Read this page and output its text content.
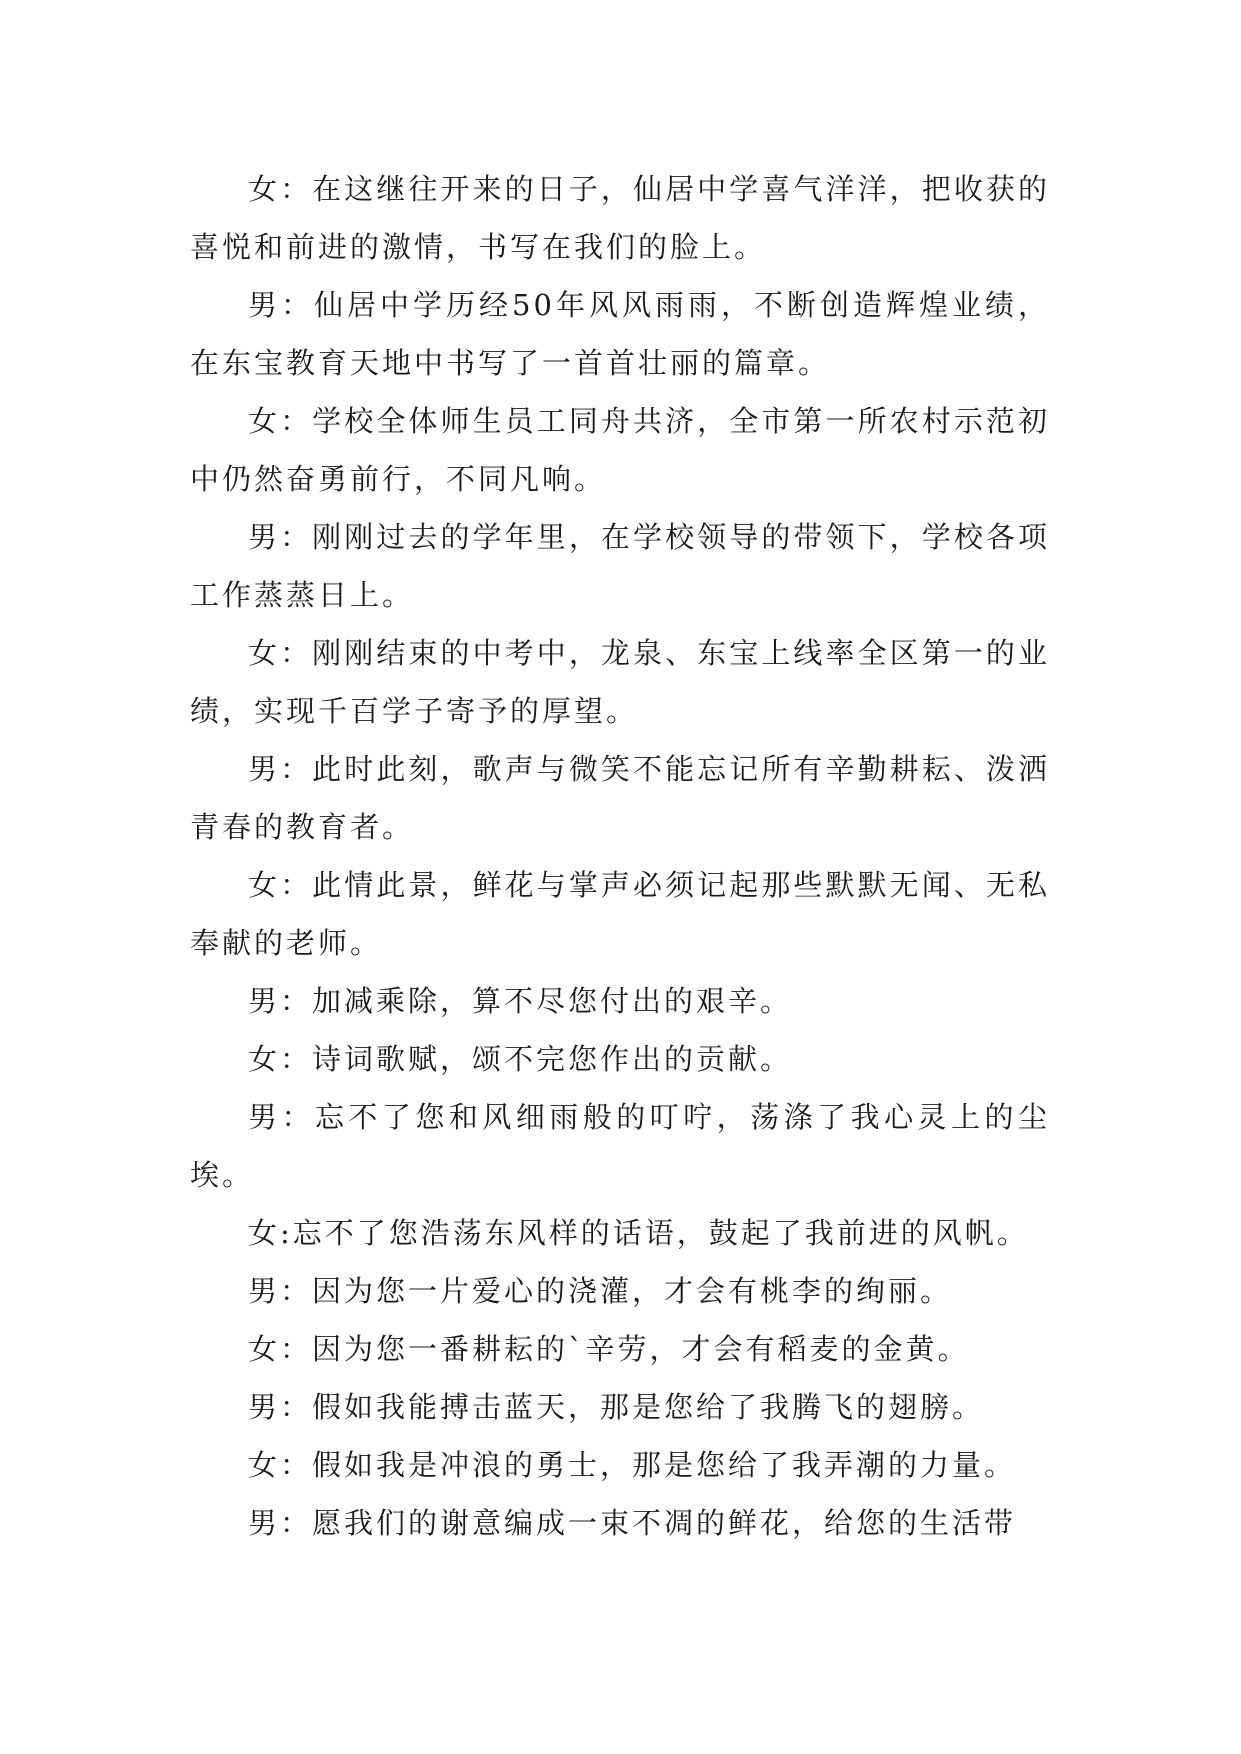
女：在这继往开来的日子，仙居中学喜气洋洋，把收获的喜悦和前进的激情，书写在我们的脸上。

男：仙居中学历经50年风风雨雨，不断创造辉煌业绩，在东宝教育天地中书写了一首首壮丽的篇章。

女：学校全体师生员工同舟共济，全市第一所农村示范初中仍然奋勇前行，不同凡响。

男：刚刚过去的学年里，在学校领导的带领下，学校各项工作蒸蒸日上。

女：刚刚结束的中考中，龙泉、东宝上线率全区第一的业绩，实现千百学子寄予的厚望。

男：此时此刻，歌声与微笑不能忘记所有辛勤耕耘、泼洒青春的教育者。

女：此情此景，鲜花与掌声必须记起那些默默无闻、无私奉献的老师。

男：加减乘除，算不尽您付出的艰辛。

女：诗词歌赋，颂不完您作出的贡献。

男：忘不了您和风细雨般的叮咛，荡涤了我心灵上的尘埃。

女:忘不了您浩荡东风样的话语，鼓起了我前进的风帆。

男：因为您一片爱心的浇灌，才会有桃李的绚丽。

女：因为您一番耕耘的`辛劳，才会有稻麦的金黄。

男：假如我能搏击蓝天，那是您给了我腾飞的翅膀。

女：假如我是冲浪的勇士，那是您给了我弄潮的力量。

男：愿我们的谢意编成一束不凋的鲜花，给您的生活带
